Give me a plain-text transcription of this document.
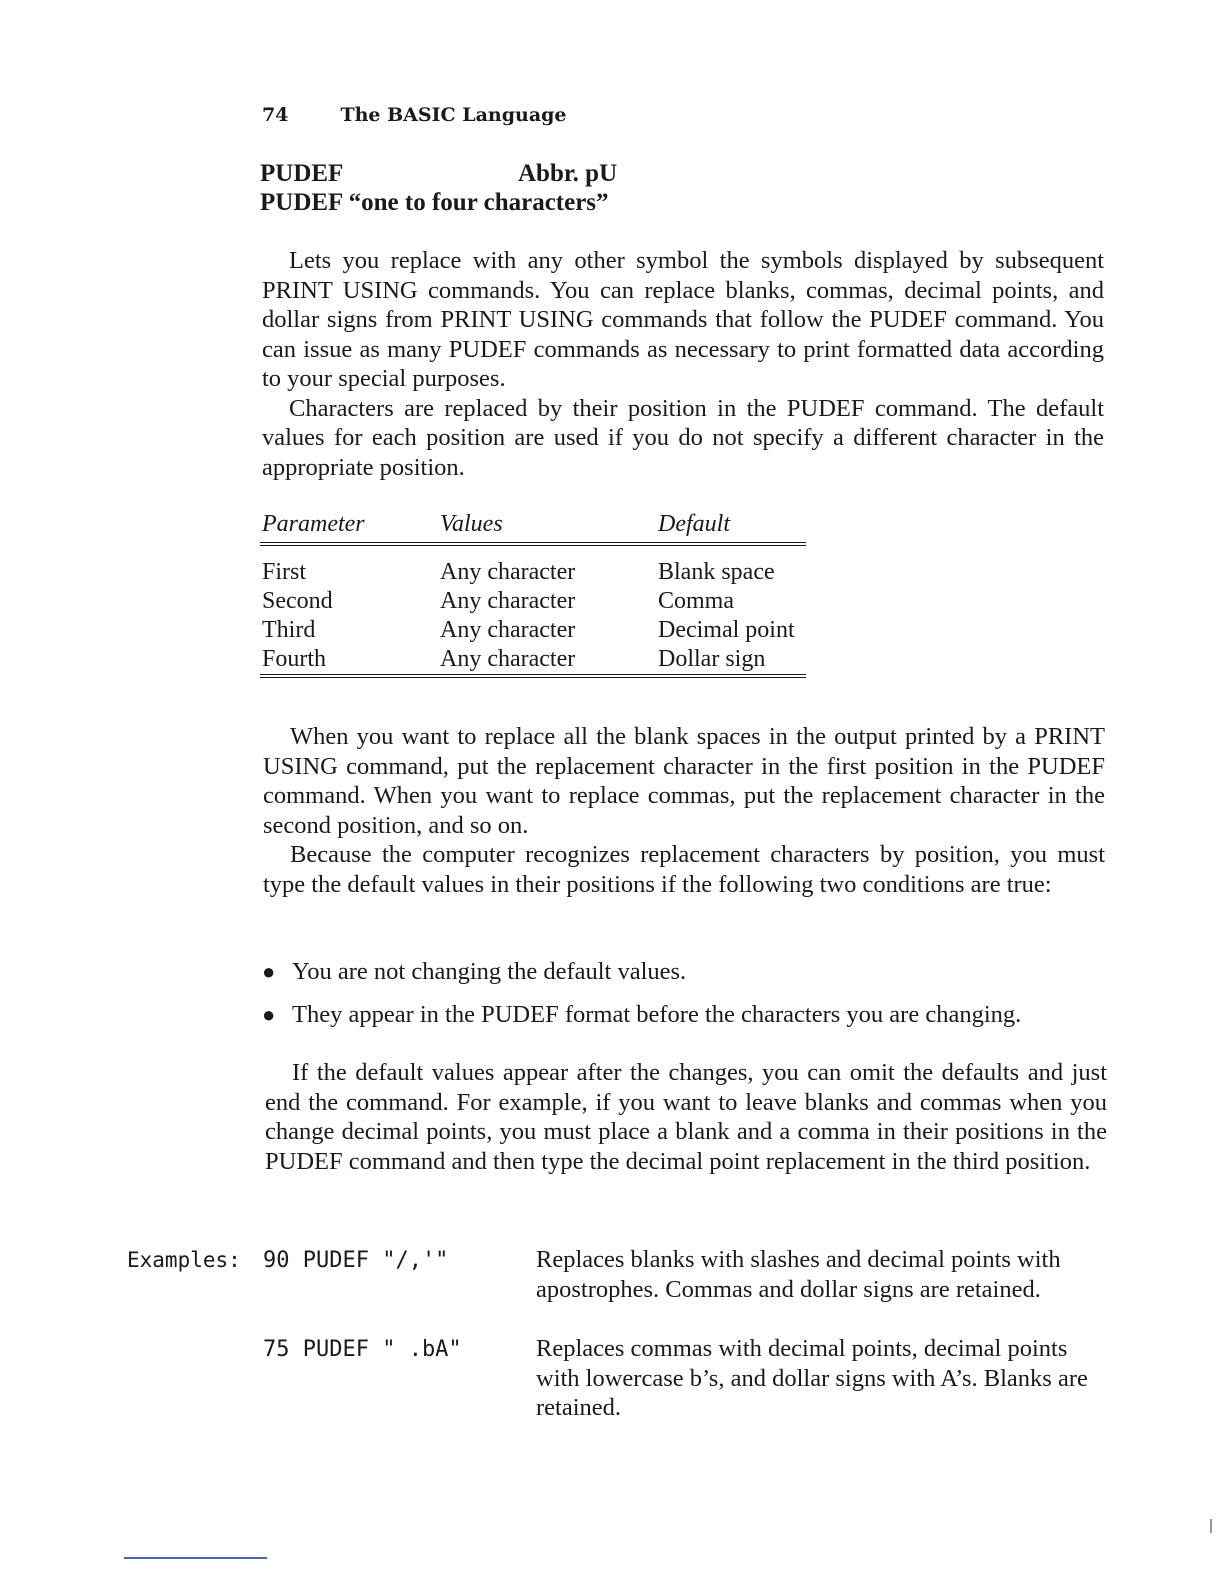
74	The BASIC Language
PUDEF	Abbr. pU
PUDEF “one to four characters”

Lets you replace with any other symbol the symbols displayed by subsequent PRINT USING commands. You can replace blanks, commas, decimal points, and dollar signs from PRINT USING commands that follow the PUDEF command. You can issue as many PUDEF commands as necessary to print formatted data according to your special purposes.

Characters are replaced by their position in the PUDEF command. The default values for each position are used if you do not specify a different character in the appropriate position.

Parameter	Values	Default
First	Any character	Blank space
Second	Any character	Comma
Third	Any character	Decimal point
Fourth	Any character	Dollar sign

When you want to replace all the blank spaces in the output printed by a PRINT USING command, put the replacement character in the first position in the PUDEF command. When you want to replace commas, put the replacement character in the second position, and so on.

Because the computer recognizes replacement characters by position, you must type the default values in their positions if the following two conditions are true:

● You are not changing the default values.
● They appear in the PUDEF format before the characters you are changing.

If the default values appear after the changes, you can omit the defaults and just end the command. For example, if you want to leave blanks and commas when you change decimal points, you must place a blank and a comma in their positions in the PUDEF command and then type the decimal point replacement in the third position.

Examples: 90 PUDEF "/,'"	Replaces blanks with slashes and decimal points with apostrophes. Commas and dollar signs are retained.
75 PUDEF " .bA"	Replaces commas with decimal points, decimal points with lowercase b’s, and dollar signs with A’s. Blanks are retained.
